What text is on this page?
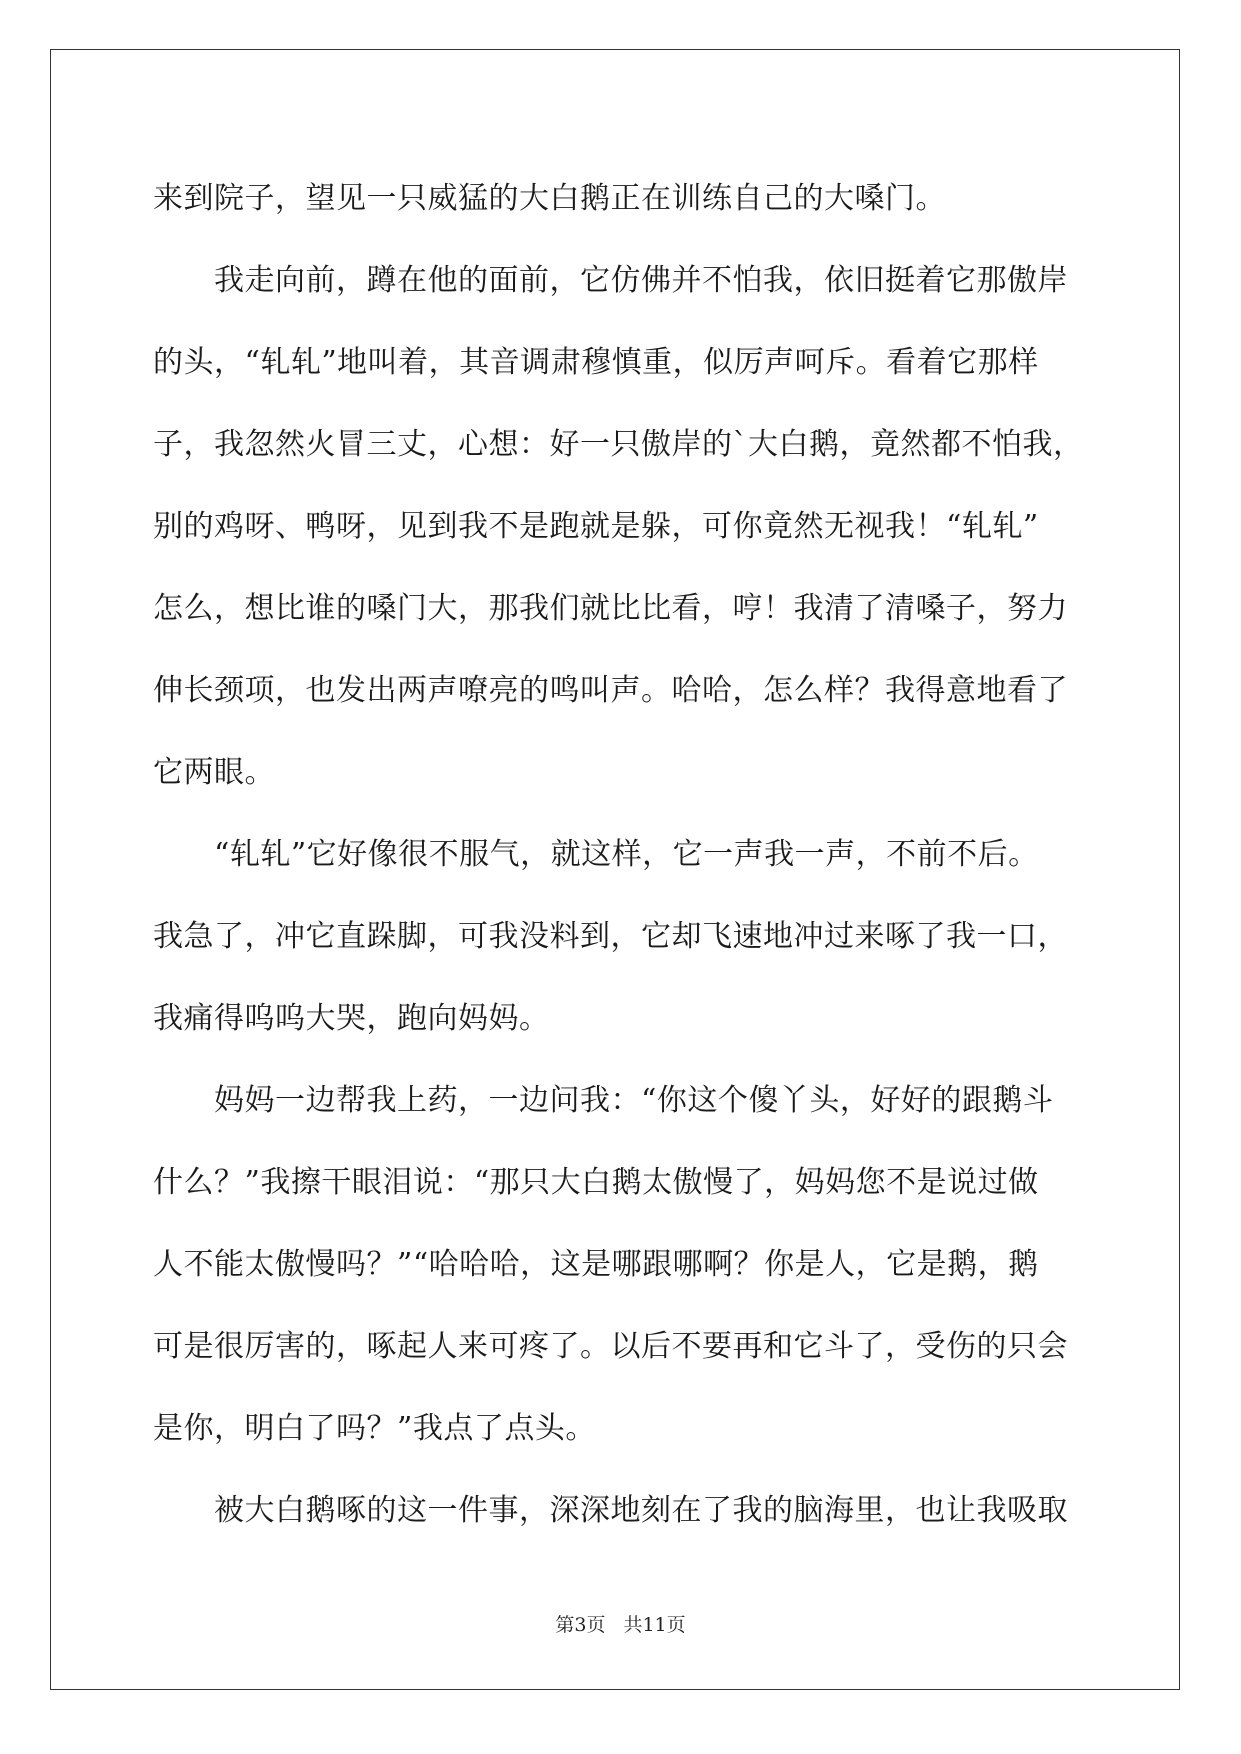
来到院子，望见一只威猛的大白鹅正在训练自己的大嗓门。
我走向前，蹲在他的面前，它仿佛并不怕我，依旧挺着它那傲岸
的头，“轧轧”地叫着，其音调肃穆慎重，似厉声呵斥。看着它那样
子，我忽然火冒三丈，心想：好一只傲岸的`大白鹅，竟然都不怕我，
别的鸡呀、鸭呀，见到我不是跑就是躲，可你竟然无视我！“轧轧”
怎么，想比谁的嗓门大，那我们就比比看，哼！我清了清嗓子，努力
伸长颈项，也发出两声嘹亮的鸣叫声。哈哈，怎么样？我得意地看了
它两眼。
“轧轧”它好像很不服气，就这样，它一声我一声，不前不后。
我急了，冲它直跺脚，可我没料到，它却飞速地冲过来啄了我一口，
我痛得呜呜大哭，跑向妈妈。
妈妈一边帮我上药，一边问我：“你这个傻丫头，好好的跟鹅斗
什么？”我擦干眼泪说：“那只大白鹅太傲慢了，妈妈您不是说过做
人不能太傲慢吗？”“哈哈哈，这是哪跟哪啊？你是人，它是鹅，鹅
可是很厉害的，啄起人来可疼了。以后不要再和它斗了，受伤的只会
是你，明白了吗？”我点了点头。
被大白鹅啄的这一件事，深深地刻在了我的脑海里，也让我吸取
第3页 共11页
